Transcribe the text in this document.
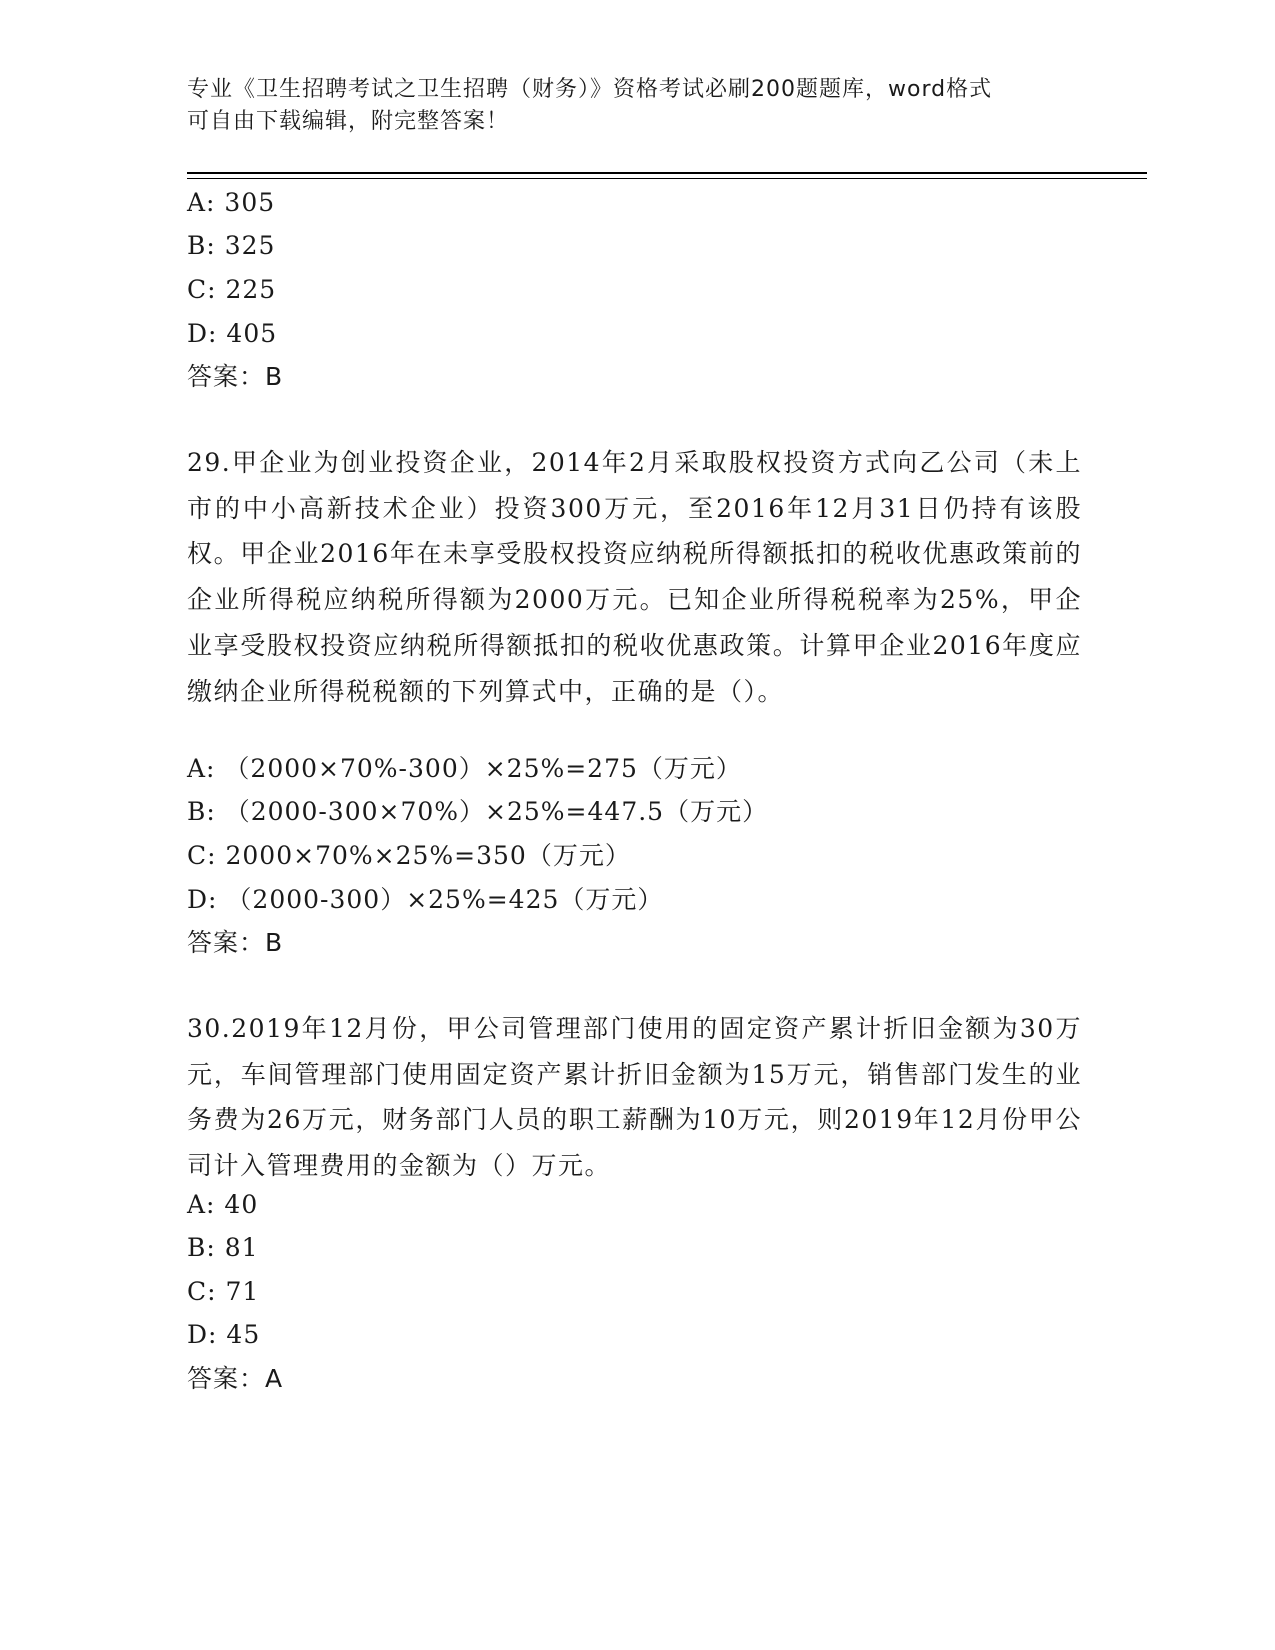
专业《卫生招聘考试之卫生招聘（财务）》资格考试必刷200题题库，word格式
可自由下载编辑，附完整答案！
A: 305
B: 325
C: 225
D: 405
答案：B
29.甲企业为创业投资企业，2014年2月采取股权投资方式向乙公司（未上市的中小高新技术企业）投资300万元，至2016年12月31日仍持有该股权。甲企业2016年在未享受股权投资应纳税所得额抵扣的税收优惠政策前的企业所得税应纳税所得额为2000万元。已知企业所得税税率为25%，甲企业享受股权投资应纳税所得额抵扣的税收优惠政策。计算甲企业2016年度应缴纳企业所得税税额的下列算式中，正确的是（）。
A: （2000×70%-300）×25%=275（万元）
B: （2000-300×70%）×25%=447.5（万元）
C: 2000×70%×25%=350（万元）
D: （2000-300）×25%=425（万元）
答案：B
30.2019年12月份，甲公司管理部门使用的固定资产累计折旧金额为30万元，车间管理部门使用固定资产累计折旧金额为15万元，销售部门发生的业务费为26万元，财务部门人员的职工薪酬为10万元，则2019年12月份甲公司计入管理费用的金额为（）万元。
A: 40
B: 81
C: 71
D: 45
答案：A
